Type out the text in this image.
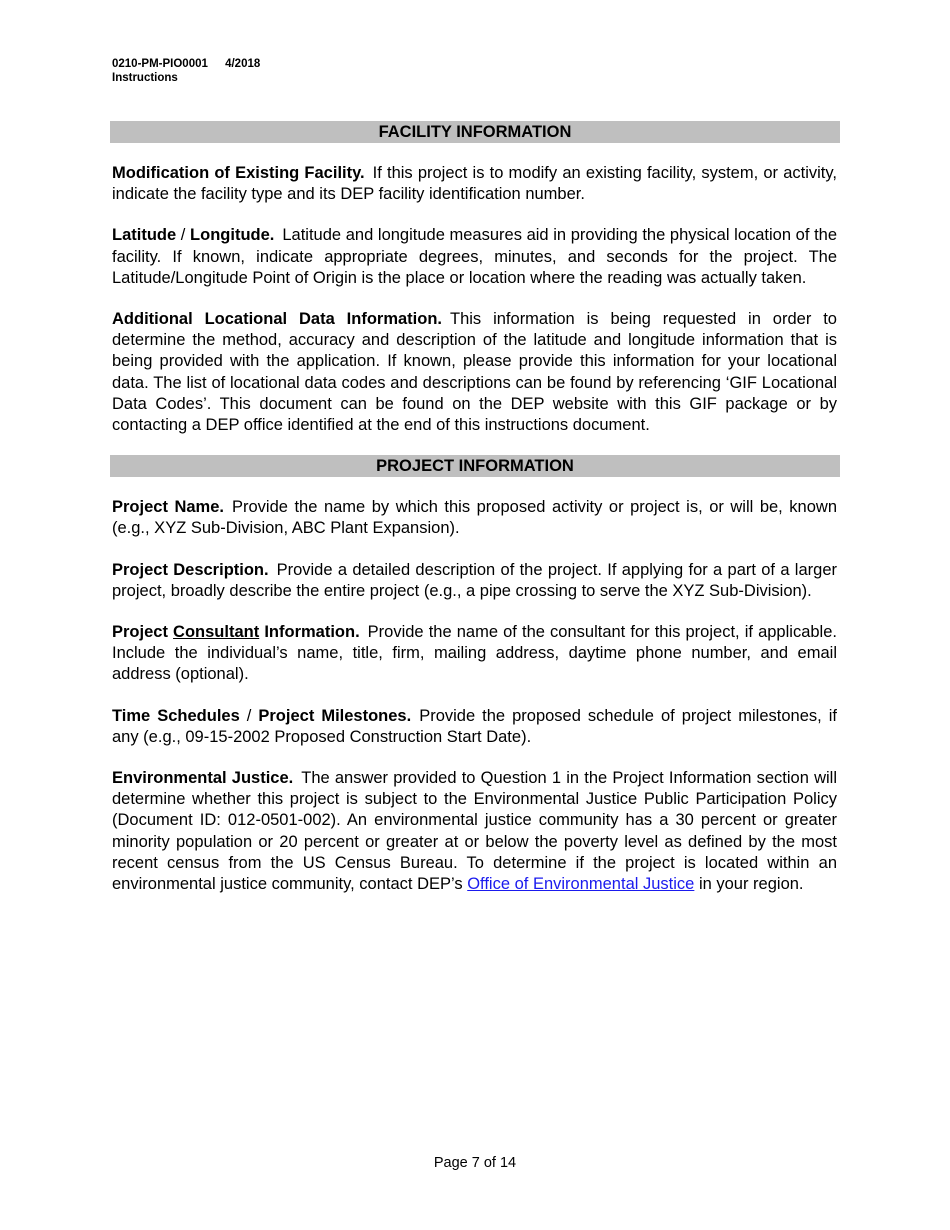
0210-PM-PIO0001 4/2018
Instructions
FACILITY INFORMATION

Modification of Existing Facility. If this project is to modify an existing facility, system, or activity, indicate the facility type and its DEP facility identification number.

Latitude / Longitude. Latitude and longitude measures aid in providing the physical location of the facility. If known, indicate appropriate degrees, minutes, and seconds for the project. The Latitude/Longitude Point of Origin is the place or location where the reading was actually taken.

Additional Locational Data Information. This information is being requested in order to determine the method, accuracy and description of the latitude and longitude information that is being provided with the application. If known, please provide this information for your locational data. The list of locational data codes and descriptions can be found by referencing ‘GIF Locational Data Codes’. This document can be found on the DEP website with this GIF package or by contacting a DEP office identified at the end of this instructions document.

PROJECT INFORMATION

Project Name. Provide the name by which this proposed activity or project is, or will be, known (e.g., XYZ Sub-Division, ABC Plant Expansion).

Project Description. Provide a detailed description of the project. If applying for a part of a larger project, broadly describe the entire project (e.g., a pipe crossing to serve the XYZ Sub-Division).

Project Consultant Information. Provide the name of the consultant for this project, if applicable. Include the individual’s name, title, firm, mailing address, daytime phone number, and email address (optional).

Time Schedules / Project Milestones. Provide the proposed schedule of project milestones, if any (e.g., 09-15-2002 Proposed Construction Start Date).

Environmental Justice. The answer provided to Question 1 in the Project Information section will determine whether this project is subject to the Environmental Justice Public Participation Policy (Document ID: 012-0501-002). An environmental justice community has a 30 percent or greater minority population or 20 percent or greater at or below the poverty level as defined by the most recent census from the US Census Bureau. To determine if the project is located within an environmental justice community, contact DEP’s Office of Environmental Justice in your region.

Page 7 of 14
